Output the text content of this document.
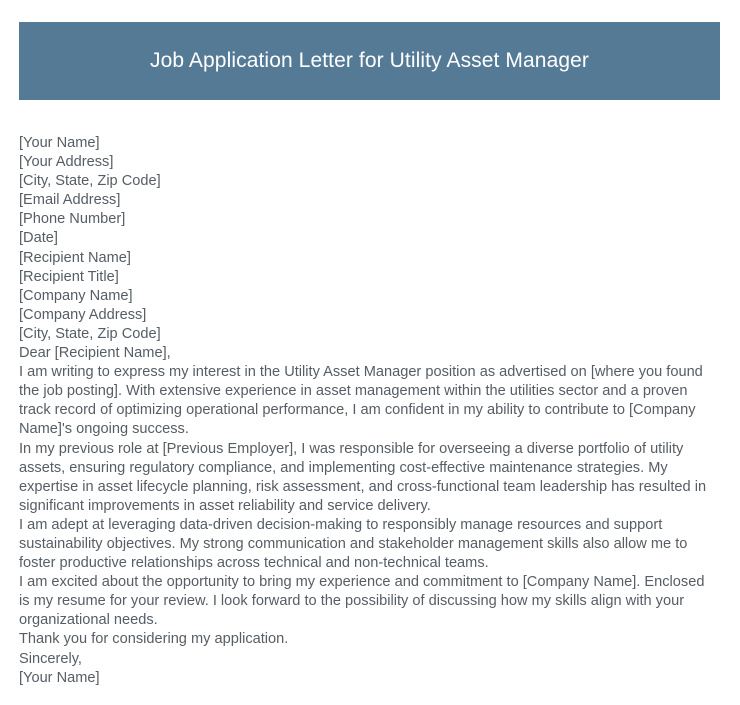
Job Application Letter for Utility Asset Manager
[Your Name]
[Your Address]
[City, State, Zip Code]
[Email Address]
[Phone Number]
[Date]
[Recipient Name]
[Recipient Title]
[Company Name]
[Company Address]
[City, State, Zip Code]
Dear [Recipient Name],

I am writing to express my interest in the Utility Asset Manager position as advertised on [where you found the job posting]. With extensive experience in asset management within the utilities sector and a proven track record of optimizing operational performance, I am confident in my ability to contribute to [Company Name]'s ongoing success.

In my previous role at [Previous Employer], I was responsible for overseeing a diverse portfolio of utility assets, ensuring regulatory compliance, and implementing cost-effective maintenance strategies. My expertise in asset lifecycle planning, risk assessment, and cross-functional team leadership has resulted in significant improvements in asset reliability and service delivery.

I am adept at leveraging data-driven decision-making to responsibly manage resources and support sustainability objectives. My strong communication and stakeholder management skills also allow me to foster productive relationships across technical and non-technical teams.

I am excited about the opportunity to bring my experience and commitment to [Company Name]. Enclosed is my resume for your review. I look forward to the possibility of discussing how my skills align with your organizational needs.

Thank you for considering my application.
Sincerely,
[Your Name]
